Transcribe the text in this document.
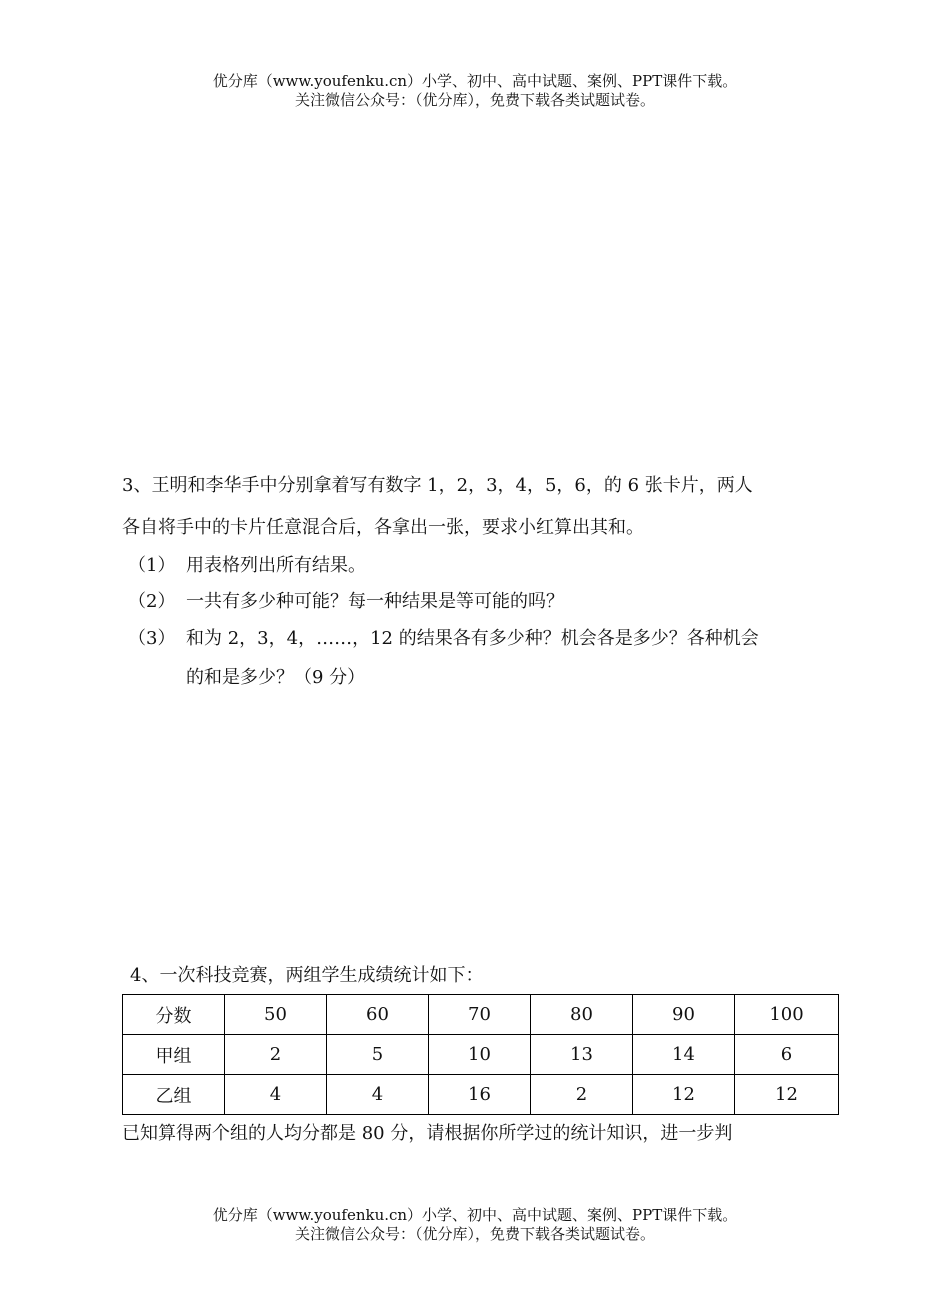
优分库（www.youfenku.cn）小学、初中、高中试题、案例、PPT课件下载。
关注微信公众号：（优分库），免费下载各类试题试卷。
3、王明和李华手中分别拿着写有数字 1，2，3，4，5，6，的 6 张卡片，两人
各自将手中的卡片任意混合后，各拿出一张，要求小红算出其和。
（1） 用表格列出所有结果。
（2） 一共有多少种可能？每一种结果是等可能的吗？
（3） 和为 2，3，4，……，12 的结果各有多少种？机会各是多少？各种机会
的和是多少？（9 分）
4、一次科技竞赛，两组学生成绩统计如下：
分数	50	60	70	80	90	100
甲组	2	5	10	13	14	6
乙组	4	4	16	2	12	12
已知算得两个组的人均分都是 80 分，请根据你所学过的统计知识，进一步判
优分库（www.youfenku.cn）小学、初中、高中试题、案例、PPT课件下载。
关注微信公众号：（优分库），免费下载各类试题试卷。
